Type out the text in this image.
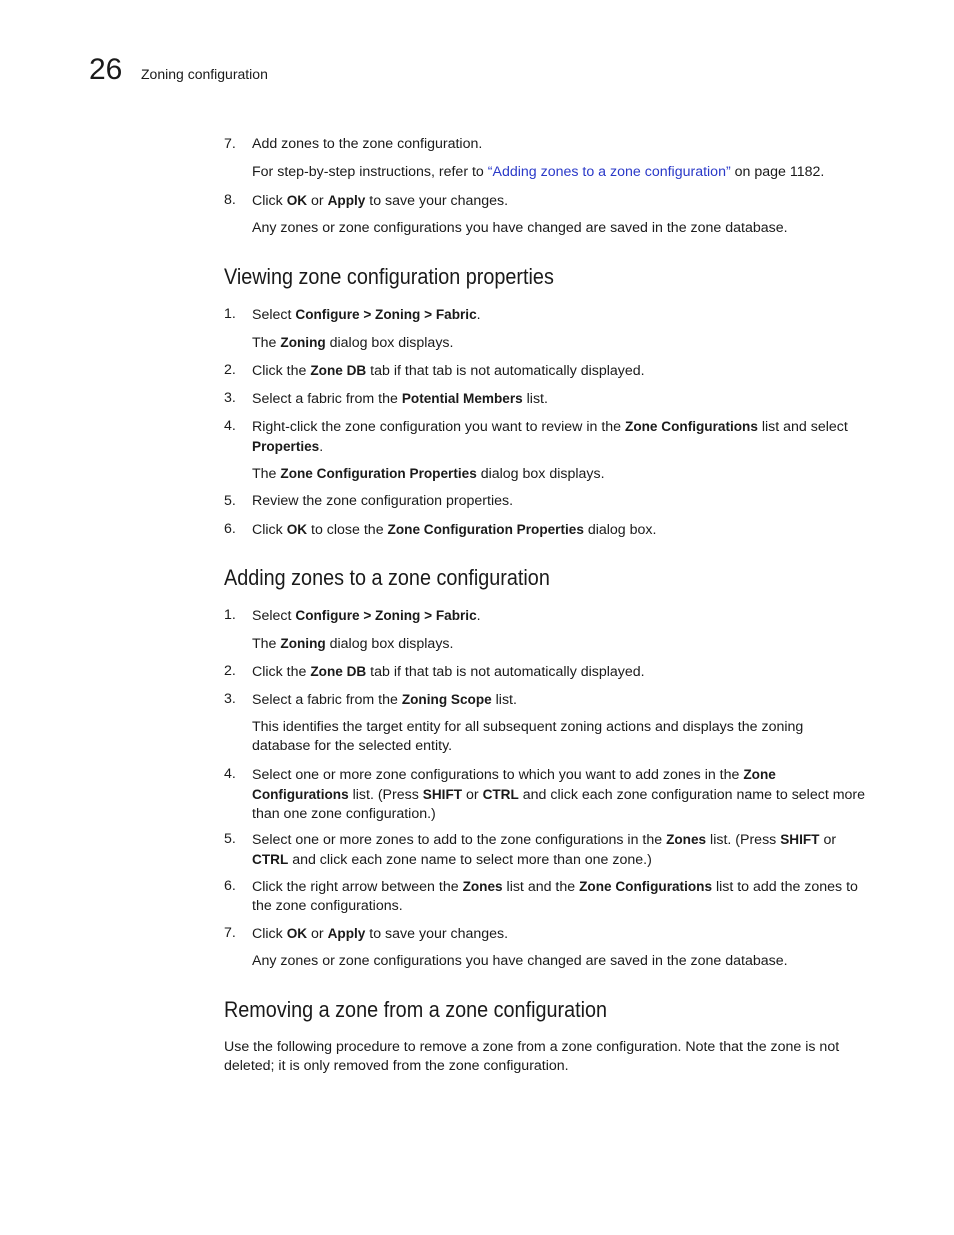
26 Zoning configuration
7. Add zones to the zone configuration.
For step-by-step instructions, refer to “Adding zones to a zone configuration” on page 1182.
8. Click OK or Apply to save your changes.
Any zones or zone configurations you have changed are saved in the zone database.
Viewing zone configuration properties
1. Select Configure > Zoning > Fabric.
The Zoning dialog box displays.
2. Click the Zone DB tab if that tab is not automatically displayed.
3. Select a fabric from the Potential Members list.
4. Right-click the zone configuration you want to review in the Zone Configurations list and select Properties.
The Zone Configuration Properties dialog box displays.
5. Review the zone configuration properties.
6. Click OK to close the Zone Configuration Properties dialog box.
Adding zones to a zone configuration
1. Select Configure > Zoning > Fabric.
The Zoning dialog box displays.
2. Click the Zone DB tab if that tab is not automatically displayed.
3. Select a fabric from the Zoning Scope list.
This identifies the target entity for all subsequent zoning actions and displays the zoning database for the selected entity.
4. Select one or more zone configurations to which you want to add zones in the Zone Configurations list. (Press SHIFT or CTRL and click each zone configuration name to select more than one zone configuration.)
5. Select one or more zones to add to the zone configurations in the Zones list. (Press SHIFT or CTRL and click each zone name to select more than one zone.)
6. Click the right arrow between the Zones list and the Zone Configurations list to add the zones to the zone configurations.
7. Click OK or Apply to save your changes.
Any zones or zone configurations you have changed are saved in the zone database.
Removing a zone from a zone configuration
Use the following procedure to remove a zone from a zone configuration. Note that the zone is not deleted; it is only removed from the zone configuration.
